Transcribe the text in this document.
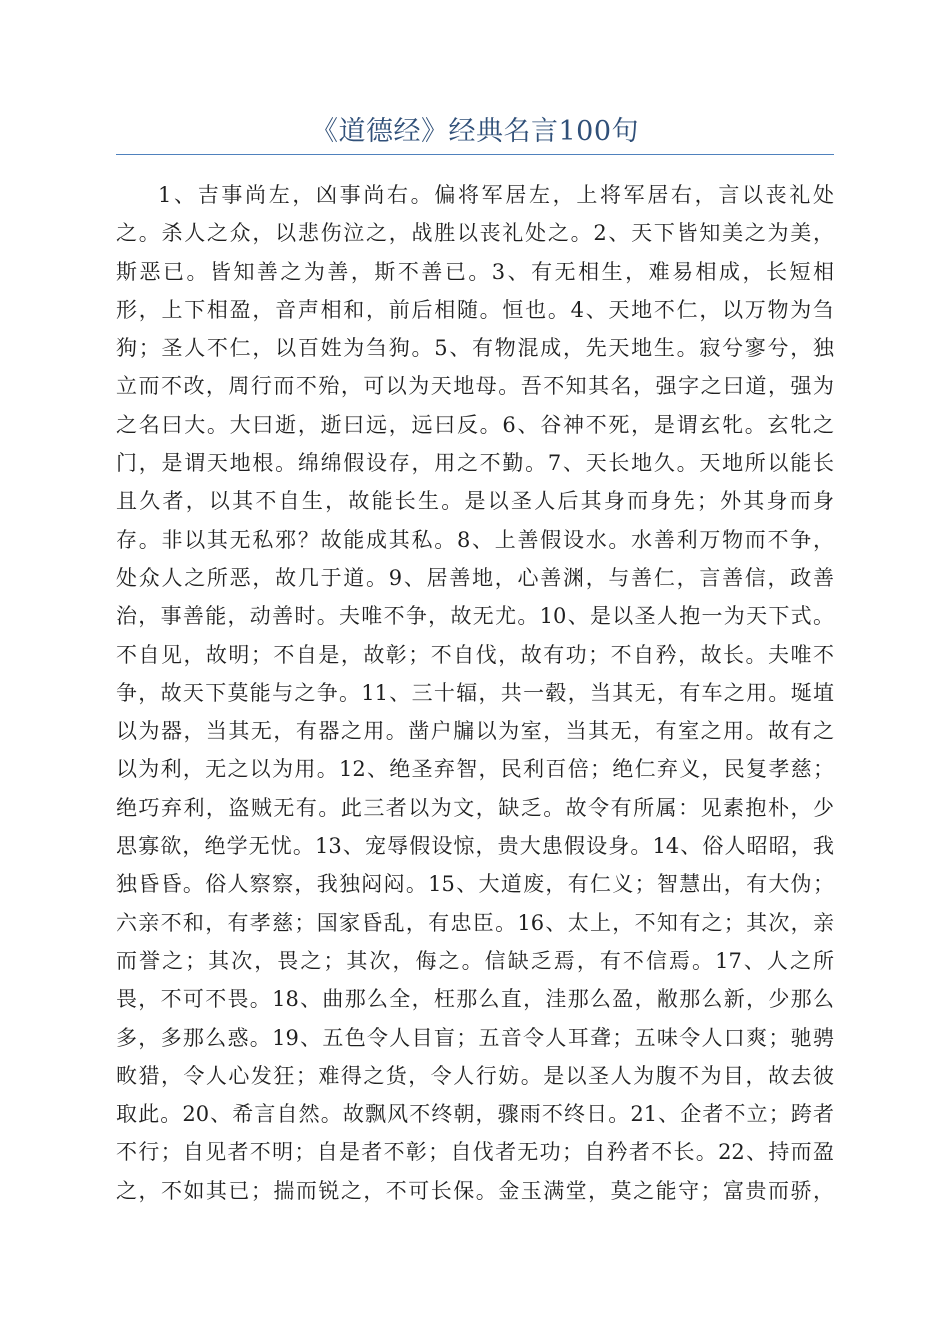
《道德经》经典名言100句
1、吉事尚左，凶事尚右。偏将军居左，上将军居右，言以丧礼处
之。杀人之众，以悲伤泣之，战胜以丧礼处之。2、天下皆知美之为美，
斯恶已。皆知善之为善，斯不善已。3、有无相生，难易相成，长短相
形，上下相盈，音声相和，前后相随。恒也。4、天地不仁，以万物为刍
狗；圣人不仁，以百姓为刍狗。5、有物混成，先天地生。寂兮寥兮，独
立而不改，周行而不殆，可以为天地母。吾不知其名，强字之曰道，强为
之名曰大。大曰逝，逝曰远，远曰反。6、谷神不死，是谓玄牝。玄牝之
门，是谓天地根。绵绵假设存，用之不勤。7、天长地久。天地所以能长
且久者，以其不自生，故能长生。是以圣人后其身而身先；外其身而身
存。非以其无私邪？故能成其私。8、上善假设水。水善利万物而不争，
处众人之所恶，故几于道。9、居善地，心善渊，与善仁，言善信，政善
治，事善能，动善时。夫唯不争，故无尤。10、是以圣人抱一为天下式。
不自见，故明；不自是，故彰；不自伐，故有功；不自矜，故长。夫唯不
争，故天下莫能与之争。11、三十辐，共一毂，当其无，有车之用。埏埴
以为器，当其无，有器之用。凿户牖以为室，当其无，有室之用。故有之
以为利，无之以为用。12、绝圣弃智，民利百倍；绝仁弃义，民复孝慈；
绝巧弃利，盗贼无有。此三者以为文，缺乏。故令有所属：见素抱朴，少
思寡欲，绝学无忧。13、宠辱假设惊，贵大患假设身。14、俗人昭昭，我
独昏昏。俗人察察，我独闷闷。15、大道废，有仁义；智慧出，有大伪；
六亲不和，有孝慈；国家昏乱，有忠臣。16、太上，不知有之；其次，亲
而誉之；其次，畏之；其次，侮之。信缺乏焉，有不信焉。17、人之所
畏，不可不畏。18、曲那么全，枉那么直，洼那么盈，敝那么新，少那么
多，多那么惑。19、五色令人目盲；五音令人耳聋；五味令人口爽；驰骋
畋猎，令人心发狂；难得之货，令人行妨。是以圣人为腹不为目，故去彼
取此。20、希言自然。故飘风不终朝，骤雨不终日。21、企者不立；跨者
不行；自见者不明；自是者不彰；自伐者无功；自矜者不长。22、持而盈
之，不如其已；揣而锐之，不可长保。金玉满堂，莫之能守；富贵而骄，
